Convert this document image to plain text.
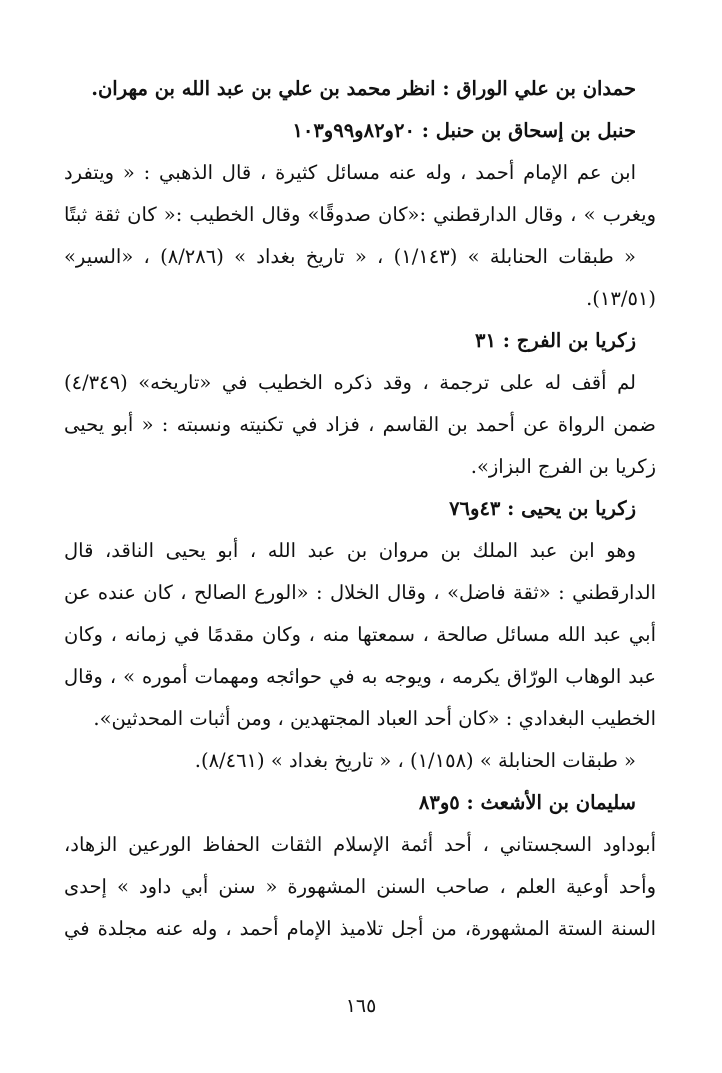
حمدان بن علي الوراق : انظر محمد بن علي بن عبد الله بن مهران.
حنبل بن إسحاق بن حنبل : ٢٠و٨٢و٩٩و١٠٣
ابن عم الإمام أحمد ، وله عنه مسائل كثيرة ، قال الذهبي : « ويتفرد
ويغرب » ، وقال الدارقطني :«كان صدوقًا» وقال الخطيب :« كان ثقة ثبتًا
« طبقات الحنابلة » (١/١٤٣) ، « تاريخ بغداد » (٨/٢٨٦) ، «السير»
(١٣/٥١).
زكريا بن الفرج : ٣١
لم أقف له على ترجمة ، وقد ذكره الخطيب في «تاريخه» (٤/٣٤٩)
ضمن الرواة عن أحمد بن القاسم ، فزاد في تكنيته ونسبته : « أبو يحيى
زكريا بن الفرج البزاز».
زكريا بن يحيى : ٤٣و٧٦
وهو ابن عبد الملك بن مروان بن عبد الله ، أبو يحيى الناقد، قال
الدارقطني : «ثقة فاضل» ، وقال الخلال : «الورع الصالح ، كان عنده عن
أبي عبد الله مسائل صالحة ، سمعتها منه ، وكان مقدمًا في زمانه ، وكان
عبد الوهاب الورّاق يكرمه ، ويوجه به في حوائجه ومهمات أموره » ، وقال
الخطيب البغدادي : «كان أحد العباد المجتهدين ، ومن أثبات المحدثين».
« طبقات الحنابلة » (١/١٥٨) ، « تاريخ بغداد » (٨/٤٦١).
سليمان بن الأشعث : ٥و٨٣
أبوداود السجستاني ، أحد أئمة الإسلام الثقات الحفاظ الورعين الزهاد،
وأحد أوعية العلم ، صاحب السنن المشهورة « سنن أبي داود » إحدى
السنة الستة المشهورة، من أجل تلاميذ الإمام أحمد ، وله عنه مجلدة في
١٦٥
